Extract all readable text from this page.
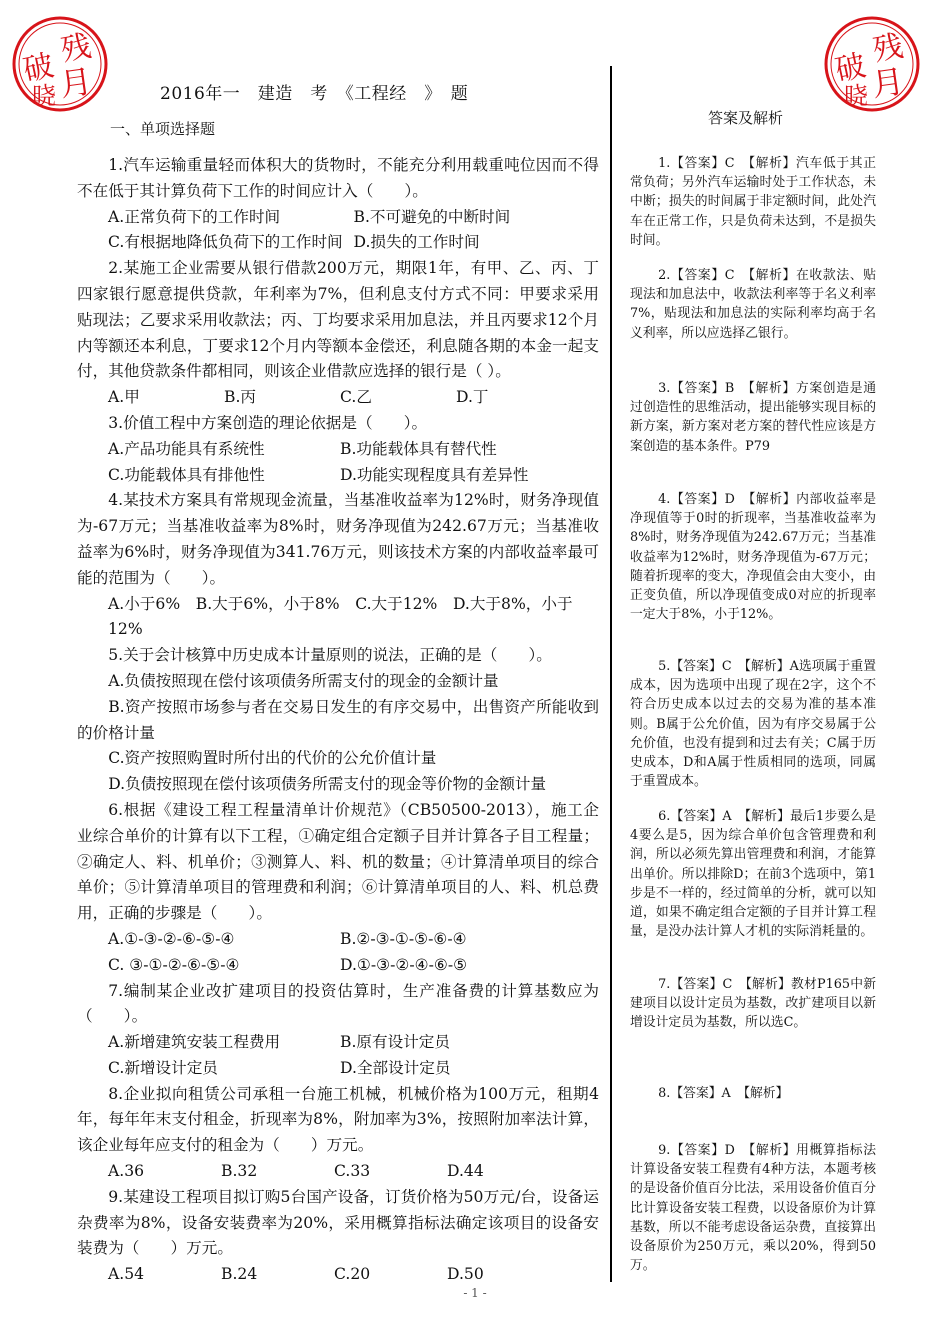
破 残
晓 月	破 残
晓 月
2016年一　建造　考　《工程经　》　题
一、单项选择题

1.汽车运输重量轻而体积大的货物时，不能充分利用载重吨位因而不得不在低于其计算负荷下工作的时间应计入（　　）。

A.正常负荷下的工作时间	B.不可避免的中断时间
C.有根据地降低负荷下的工作时间 D.损失的工作时间

2.某施工企业需要从银行借款200万元，期限1年，有甲、乙、丙、丁四家银行愿意提供贷款，年利率为7%，但利息支付方式不同：甲要求采用贴现法；乙要求采用收款法；丙、丁均要求采用加息法，并且丙要求12个月内等额还本利息，丁要求12个月内等额本金偿还，利息随各期的本金一起支付，其他贷款条件都相同，则该企业借款应选择的银行是（ ）。

A.甲	B.丙	C.乙	D.丁

3.价值工程中方案创造的理论依据是（　　）。

A.产品功能具有系统性	B.功能载体具有替代性
C.功能载体具有排他性	D.功能实现程度具有差异性

4.某技术方案具有常规现金流量，当基准收益率为12%时，财务净现值为-67万元；当基准收益率为8%时，财务净现值为242.67万元；当基准收益率为6%时，财务净现值为341.76万元，则该技术方案的内部收益率最可能的范围为（　　）。

A.小于6%　B.大于6%，小于8%　C.大于12%　D.大于8%，小于12%

5.关于会计核算中历史成本计量原则的说法，正确的是（　　）。

A.负债按照现在偿付该项债务所需支付的现金的金额计量

B.资产按照市场参与者在交易日发生的有序交易中，出售资产所能收到的价格计量

C.资产按照购置时所付出的代价的公允价值计量

D.负债按照现在偿付该项债务所需支付的现金等价物的金额计量

6.根据《建设工程工程量清单计价规范》（CB50500-2013），施工企业综合单价的计算有以下工程，①确定组合定额子目并计算各子目工程量；②确定人、料、机单价；③测算人、料、机的数量；④计算清单项目的综合单价；⑤计算清单项目的管理费和利润；⑥计算清单项目的人、料、机总费用，正确的步骤是（　　）。

A.①-③-②-⑥-⑤-④	B.②-③-①-⑤-⑥-④
C. ③-①-②-⑥-⑤-④	D.①-③-②-④-⑥-⑤

7.编制某企业改扩建项目的投资估算时，生产准备费的计算基数应为（　　）。

A.新增建筑安装工程费用	B.原有设计定员
C.新增设计定员	D.全部设计定员

8.企业拟向租赁公司承租一台施工机械，机械价格为100万元，租期4年，每年年末支付租金，折现率为8%，附加率为3%，按照附加率法计算，该企业每年应支付的租金为（　　）万元。

A.36	B.32	C.33	D.44

9.某建设工程项目拟订购5台国产设备，订货价格为50万元/台，设备运杂费率为8%，设备安装费率为20%，采用概算指标法确定该项目的设备安装费为（　　）万元。

A.54	B.24	C.20	D.50
答案及解析

1.【答案】C　【解析】汽车低于其正常负荷；另外汽车运输时处于工作状态，未中断；损失的时间属于非定额时间，此处汽车在正常工作，只是负荷未达到，不是损失时间。

2.【答案】C　【解析】在收款法、贴现法和加息法中，收款法利率等于名义利率7%，贴现法和加息法的实际利率均高于名义利率，所以应选择乙银行。

3.【答案】B　【解析】方案创造是通过创造性的思维活动，提出能够实现目标的新方案，新方案对老方案的替代性应该是方案创造的基本条件。P79

4.【答案】D　【解析】内部收益率是净现值等于0时的折现率，当基准收益率为8%时，财务净现值为242.67万元；当基准收益率为12%时，财务净现值为-67万元；随着折现率的变大，净现值会由大变小，由正变负值，所以净现值变成0对应的折现率一定大于8%，小于12%。

5.【答案】C　【解析】A选项属于重置成本，因为选项中出现了现在2字，这个不符合历史成本以过去的交易为准的基本准则。B属于公允价值，因为有序交易属于公允价值，也没有提到和过去有关；C属于历史成本，D和A属于性质相同的选项，同属于重置成本。

6.【答案】A　【解析】最后1步要么是4要么是5，因为综合单价包含管理费和利润，所以必须先算出管理费和利润，才能算出单价。所以排除D；在前3个选项中，第1步是不一样的，经过简单的分析，就可以知道，如果不确定组合定额的子目并计算工程量，是没办法计算人才机的实际消耗量的。

7.【答案】C　【解析】教材P165中新建项目以设计定员为基数，改扩建项目以新增设计定员为基数，所以选C。

8.【答案】A　【解析】

9.【答案】D　【解析】用概算指标法计算设备安装工程费有4种方法，本题考核的是设备价值百分比法，采用设备价值百分比计算设备安装工程费，以设备原价为计算基数，所以不能考虑设备运杂费，直接算出设备原价为250万元，乘以20%，得到50万。

- 1 -
